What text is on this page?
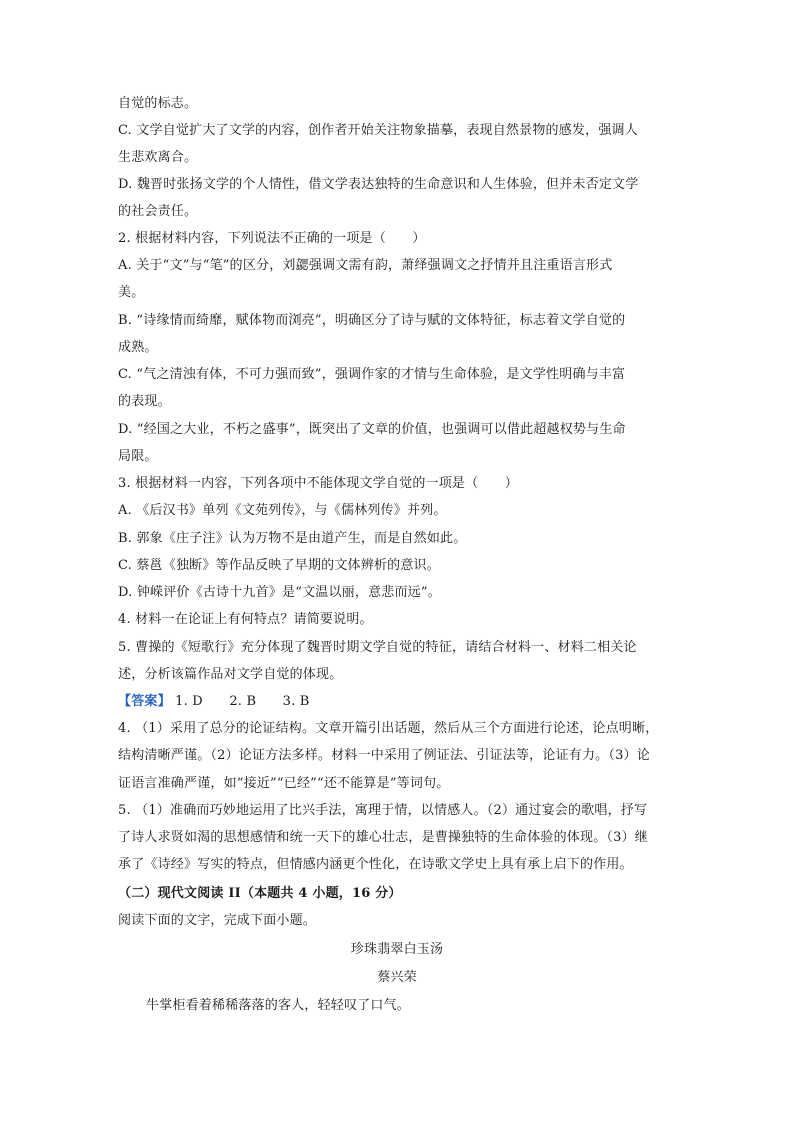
自觉的标志。
C. 文学自觉扩大了文学的内容，创作者开始关注物象描摹，表现自然景物的感发，强调人
生悲欢离合。
D. 魏晋时张扬文学的个人情性，借文学表达独特的生命意识和人生体验，但并未否定文学
的社会责任。
2. 根据材料内容，下列说法不正确的一项是（　　）
A. 关于“文”与“笔”的区分，刘勰强调文需有韵，萧绎强调文之抒情并且注重语言形式
美。
B. “诗缘情而绮靡，赋体物而浏亮”，明确区分了诗与赋的文体特征，标志着文学自觉的
成熟。
C. “气之清浊有体，不可力强而致”，强调作家的才情与生命体验，是文学性明确与丰富
的表现。
D. “经国之大业，不朽之盛事”，既突出了文章的价值，也强调可以借此超越权势与生命
局限。
3. 根据材料一内容，下列各项中不能体现文学自觉的一项是（　　）
A. 《后汉书》单列《文苑列传》，与《儒林列传》并列。
B. 郭象《庄子注》认为万物不是由道产生，而是自然如此。
C. 蔡邕《独断》等作品反映了早期的文体辨析的意识。
D. 钟嵘评价《古诗十九首》是“文温以丽，意悲而远”。
4. 材料一在论证上有何特点？请简要说明。
5. 曹操的《短歌行》充分体现了魏晋时期文学自觉的特征，请结合材料一、材料二相关论
述，分析该篇作品对文学自觉的体现。
【答案】 1. D　　2. B　　3. B
4. （1）采用了总分的论证结构。文章开篇引出话题，然后从三个方面进行论述，论点明晰，
结构清晰严谨。（2）论证方法多样。材料一中采用了例证法、引证法等，论证有力。（3）论
证语言准确严谨，如“接近”“已经”“还不能算是”等词句。
5. （1）准确而巧妙地运用了比兴手法，寓理于情，以情感人。（2）通过宴会的歌唱，抒写
了诗人求贤如渴的思想感情和统一天下的雄心壮志，是曹操独特的生命体验的体现。（3）继
承了《诗经》写实的特点，但情感内涵更个性化，在诗歌文学史上具有承上启下的作用。
（二）现代文阅读 II（本题共 4 小题，16 分）
阅读下面的文字，完成下面小题。
珍珠翡翠白玉汤
蔡兴荣
牛掌柜看着稀稀落落的客人，轻轻叹了口气。
